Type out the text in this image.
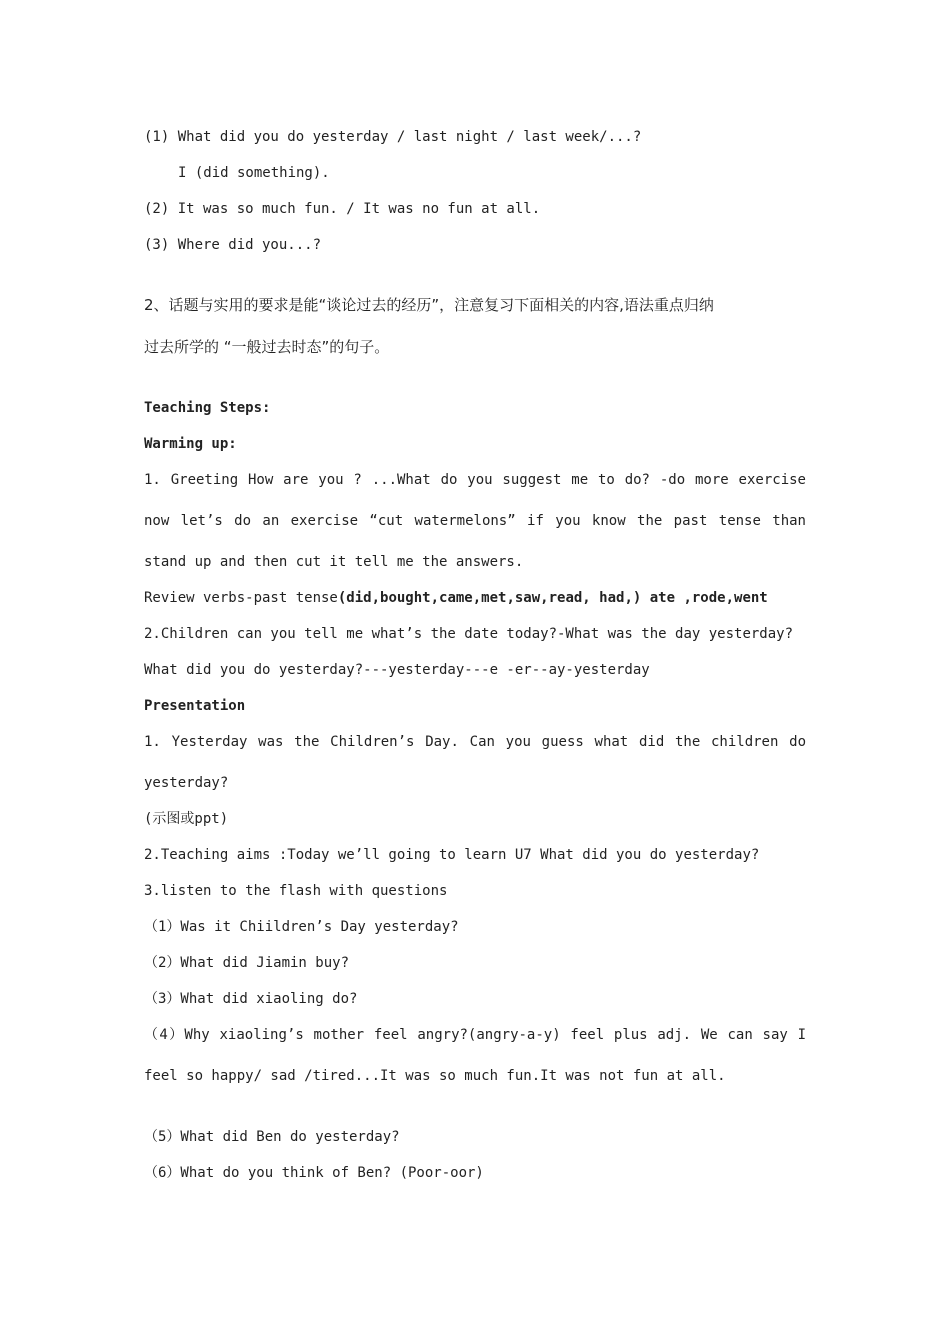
(1) What did you do yesterday / last night / last week/...?
I (did something).
(2) It was so much fun. / It was no fun at all.
(3) Where did you...?
2、话题与实用的要求是能“谈论过去的经历”，注意复习下面相关的内容,语法重点归纳
过去所学的 “一般过去时态”的句子。
Teaching Steps:
Warming up:
1. Greeting How are you ? ...What do you suggest me to do? -do more exercise
now let’s do an exercise “cut watermelons” if you know the past tense than
stand up and then cut it tell me the answers.
Review verbs-past tense(did,bought,came,met,saw,read, had,) ate ,rode,went
2.Children can you tell me what’s the date today?-What was the day yesterday?
What did you do yesterday?---yesterday---e -er--ay-yesterday
Presentation
1. Yesterday was the Children’s Day. Can you guess what did the children do
yesterday?
(示图或ppt)
2.Teaching aims :Today we’ll going to learn U7 What did you do yesterday?
3.listen to the flash with questions
（1）Was it Chiildren’s Day yesterday?
（2）What did Jiamin buy?
（3）What did xiaoling do?
（4）Why xiaoling’s mother feel angry?(angry-a-y) feel plus adj. We can say I
feel so happy/ sad /tired...It was so much fun.It was not fun at all.
（5）What did Ben do yesterday?
（6）What do you think of Ben? (Poor-oor)
